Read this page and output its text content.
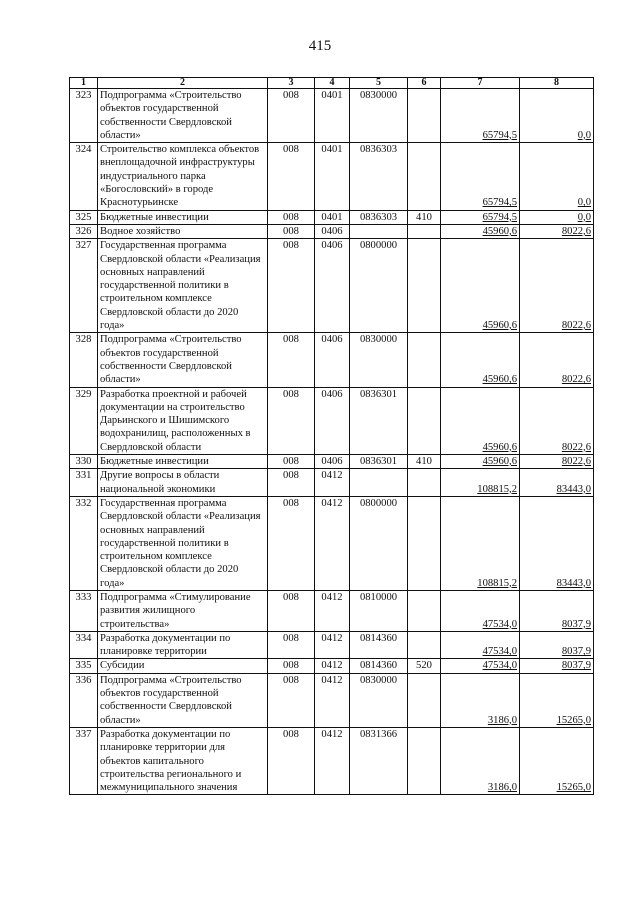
415
1	2	3	4	5	6	7	8
323	Подпрограмма «Строительство объектов государственной собственности Свердловской области»	008	0401	0830000		65794,5	0,0

324	Строительство комплекса объектов внеплощадочной инфраструктуры индустриального парка «Богословский» в городе Краснотурьинске	008	0401	0836303		65794,5	0,0

325	Бюджетные инвестиции	008	0401	0836303	410	65794,5	0,0

326	Водное хозяйство	008	0406			45960,6	8022,6

327	Государственная программа Свердловской области «Реализация основных направлений государственной политики в строительном комплексе Свердловской области до 2020 года»	008	0406	0800000		45960,6	8022,6

328	Подпрограмма «Строительство объектов государственной собственности Свердловской области»	008	0406	0830000		45960,6	8022,6

329	Разработка проектной и рабочей документации на строительство Дарьинского и Шишимского водохранилищ, расположенных в Свердловской области	008	0406	0836301		45960,6	8022,6

330	Бюджетные инвестиции	008	0406	0836301	410	45960,6	8022,6

331	Другие вопросы в области национальной экономики	008	0412			108815,2	83443,0

332	Государственная программа Свердловской области «Реализация основных направлений государственной политики в строительном комплексе Свердловской области до 2020 года»	008	0412	0800000		108815,2	83443,0

333	Подпрограмма «Стимулирование развития жилищного строительства»	008	0412	0810000		47534,0	8037,9

334	Разработка документации по планировке территории	008	0412	0814360		47534,0	8037,9

335	Субсидии	008	0412	0814360	520	47534,0	8037,9

336	Подпрограмма «Строительство объектов государственной собственности Свердловской области»	008	0412	0830000		3186,0	15265,0

337	Разработка документации по планировке территории для объектов капитального строительства регионального и межмуниципального значения	008	0412	0831366		3186,0	15265,0
